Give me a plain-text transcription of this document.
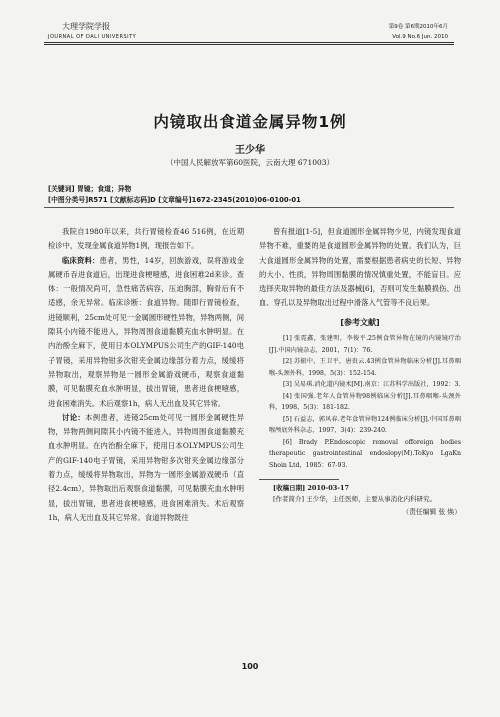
大理学院学报
JOURNAL OF DALI UNIVERSITY
第9卷 第6期2010年6月
Vol.9 No.6 Jun. 2010
内镜取出食道金属异物1例
王少华
（中国人民解放军第60医院，云南大理 671003）
[关键词] 胃镜；食道；异物
[中图分类号]R571 [文献标志码]D [文章编号]1672-2345(2010)06-0100-01

我院自1980年以来，共行胃镜检查46 516例，在近期检诊中，发现金属食道异物1例，现报告如下。

临床资料：患者，男性，14岁，回族游戏，误将游戏金属硬币吞进食道后，出现进食梗噎感，进食困难2d来诊。查体：一般情况尚可，急性痛苦病容，压迫胸部，胸骨后有不适感，余无异常。临床诊断：食道异物。随即行胃镜检查，进镜顺利，25cm处可见一金属圆形硬性异物，异物两侧，间隙其小内镜不能进入，异物周围食道黏膜充血水肿明显。在内治酚全麻下，使用日本OLYMPUS公司生产的GIF-140电子胃镜，采用异物钳多次钳夹金属边缘部分着力点，缓缓将异物取出，观察异物是一圆形金属游戏硬币，观察食道黏膜，可见黏膜充血水肿明显，拔出胃镜，患者进食梗噎感，进食困难消失。术后观察1h，病人无出血及其它异常。

讨论：本例患者，进镜25cm处可见一圆形金属硬性异物，异物两侧间隙其小内镜不能进入，异物周围食道黏膜充血水肿明显。在内治酚全麻下，使用日本OLYMPUS公司生产的GIF-140电子胃镜，采用异物钳多次钳夹金属边缘部分着力点，缓缓将异物取出，异物为一圆形金属游戏硬币（直径2.4cm），异物取出后观察食道黏膜，可见黏膜充血水肿明显，拔出胃镜，患者进食梗噎感，进食困难消失。术后观察1h，病人无出血及其它异常。食道异物既往

曾有报道[1-5]，但食道圆形金属异物少见，内镜发现食道异物不难，重要的是食道圆形金属异物的处置。我们认为，巨大食道圆形金属异物的处置，需要根据患者病史的长短、异物的大小、性质，异物周围黏膜的情况慎重处置，不能盲目。应选择夹取异物的最佳方法及器械[6]，否则可发生黏膜损伤、出血、穿孔以及异物取出过程中滑落入气管等不良后果。

[参考文献]

[1] 张霓鑫，张建明，李俊平.25例食管异物在镜的内镜镜疗治[J].中国内镜杂志，2001，7(1)：76.

[2] 苏振中，王卫平，唐贵云.43例食管异物临床分析[J].耳鼻咽喉-头颈外科，1998，5(3)：152-154.

[3] 吴易琪.消化道内镜术[M].南京：江苏科学出版社，1992：3.

[4] 张国强.老年人食管异物98例临床分析[J].耳鼻咽喉-头颈外科，1998，5(3)：181-182.

[5] 石益志，郭风春.老年食管异物124例临床分析[J].中国耳鼻咽喉颅底外科杂志，1997，3(4)：239-240.

[6] Brady P.Endoscopic removal offoreign bodies therapeutic gastrointestinal endoslopy(M).ToKyo LgaKn Shoin Ltd，1985：67-93.

[收稿日期] 2010-03-17

[作者简介] 王少华，主任医师，主要从事消化内科研究。

（责任编辑 张 焕）

100
